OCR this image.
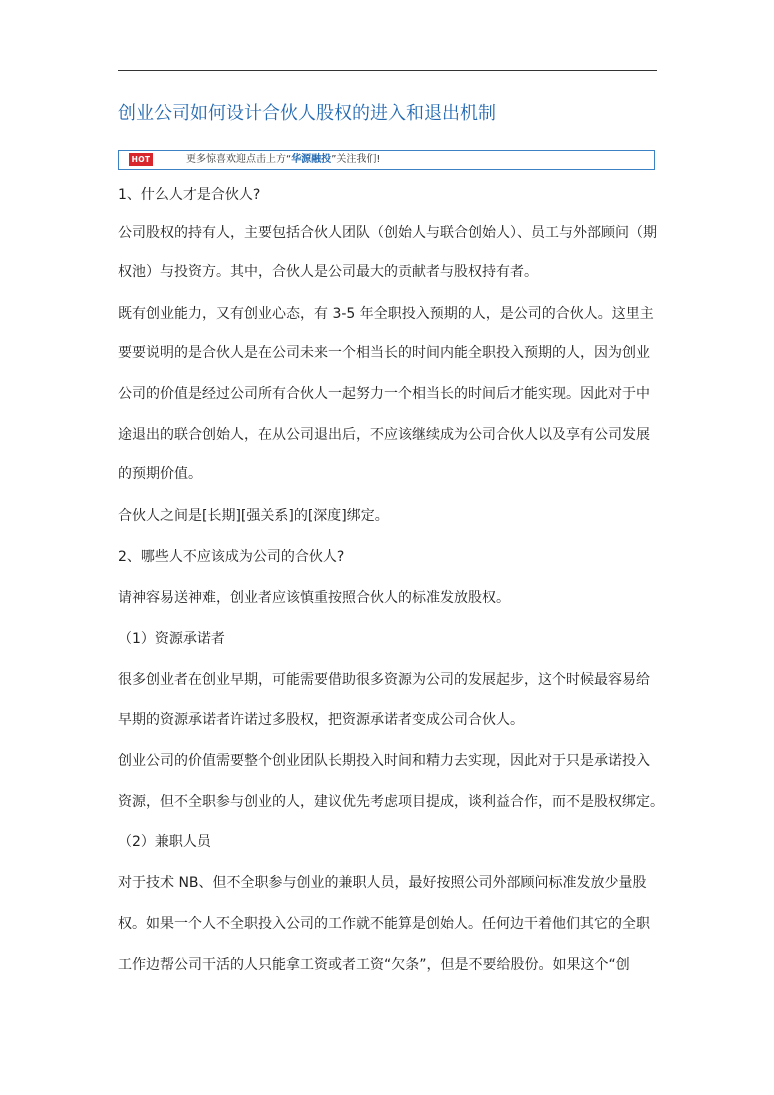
创业公司如何设计合伙人股权的进入和退出机制
HOT	更多惊喜欢迎点击上方“华源融投”关注我们!
1、什么人才是合伙人?
公司股权的持有人，主要包括合伙人团队（创始人与联合创始人）、员工与外部顾问（期
权池）与投资方。其中，合伙人是公司最大的贡献者与股权持有者。
既有创业能力，又有创业心态，有 3-5 年全职投入预期的人，是公司的合伙人。这里主
要要说明的是合伙人是在公司未来一个相当长的时间内能全职投入预期的人，因为创业
公司的价值是经过公司所有合伙人一起努力一个相当长的时间后才能实现。因此对于中
途退出的联合创始人，在从公司退出后，不应该继续成为公司合伙人以及享有公司发展
的预期价值。
合伙人之间是[长期][强关系]的[深度]绑定。
2、哪些人不应该成为公司的合伙人?
请神容易送神难，创业者应该慎重按照合伙人的标准发放股权。
（1）资源承诺者
很多创业者在创业早期，可能需要借助很多资源为公司的发展起步，这个时候最容易给
早期的资源承诺者许诺过多股权，把资源承诺者变成公司合伙人。
创业公司的价值需要整个创业团队长期投入时间和精力去实现，因此对于只是承诺投入
资源，但不全职参与创业的人，建议优先考虑项目提成，谈利益合作，而不是股权绑定。
（2）兼职人员
对于技术 NB、但不全职参与创业的兼职人员，最好按照公司外部顾问标准发放少量股
权。如果一个人不全职投入公司的工作就不能算是创始人。任何边干着他们其它的全职
工作边帮公司干活的人只能拿工资或者工资“欠条”，但是不要给股份。如果这个“创
